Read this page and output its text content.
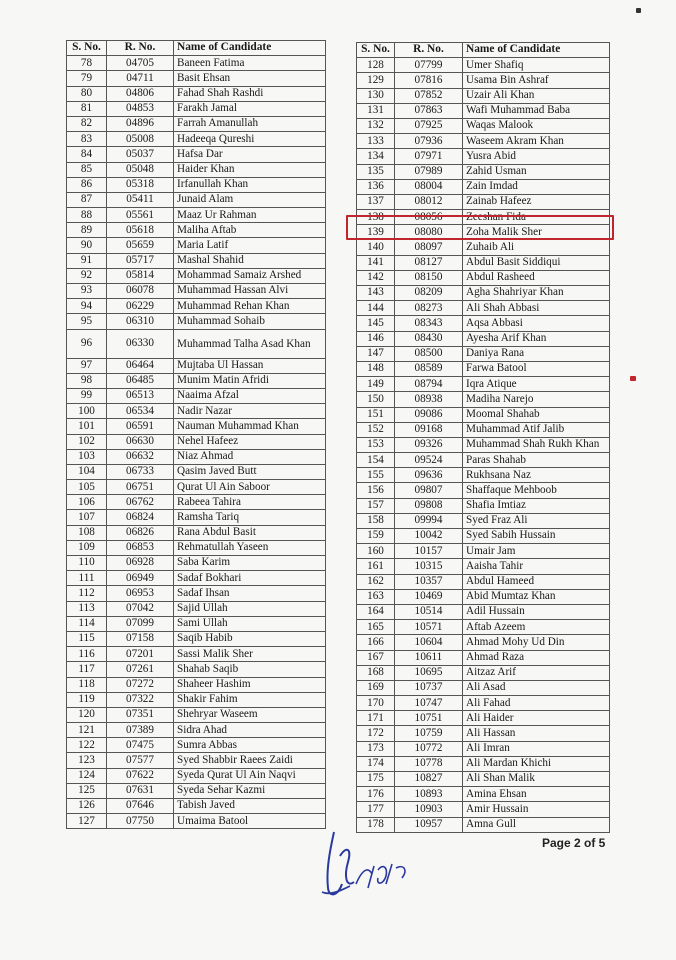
S. No.	R. No.	Name of Candidate
78	04705	Baneen Fatima
79	04711	Basit Ehsan
80	04806	Fahad Shah Rashdi
81	04853	Farakh Jamal
82	04896	Farrah Amanullah
83	05008	Hadeeqa Qureshi
84	05037	Hafsa Dar
85	05048	Haider Khan
86	05318	Irfanullah Khan
87	05411	Junaid Alam
88	05561	Maaz Ur Rahman
89	05618	Maliha Aftab
90	05659	Maria Latif
91	05717	Mashal Shahid
92	05814	Mohammad Samaiz Arshed
93	06078	Muhammad Hassan Alvi
94	06229	Muhammad Rehan Khan
95	06310	Muhammad Sohaib
96	06330	Muhammad Talha Asad Khan
97	06464	Mujtaba Ul Hassan
98	06485	Munim Matin Afridi
99	06513	Naaima Afzal
100	06534	Nadir Nazar
101	06591	Nauman Muhammad Khan
102	06630	Nehel Hafeez
103	06632	Niaz Ahmad
104	06733	Qasim Javed Butt
105	06751	Qurat Ul Ain Saboor
106	06762	Rabeea Tahira
107	06824	Ramsha Tariq
108	06826	Rana Abdul Basit
109	06853	Rehmatullah Yaseen
110	06928	Saba Karim
111	06949	Sadaf Bokhari
112	06953	Sadaf Ihsan
113	07042	Sajid Ullah
114	07099	Sami Ullah
115	07158	Saqib Habib
116	07201	Sassi Malik Sher
117	07261	Shahab Saqib
118	07272	Shaheer Hashim
119	07322	Shakir Fahim
120	07351	Shehryar Waseem
121	07389	Sidra Ahad
122	07475	Sumra Abbas
123	07577	Syed Shabbir Raees Zaidi
124	07622	Syeda Qurat Ul Ain Naqvi
125	07631	Syeda Sehar Kazmi
126	07646	Tabish Javed
127	07750	Umaima Batool
S. No.	R. No.	Name of Candidate
128	07799	Umer Shafiq
129	07816	Usama Bin Ashraf
130	07852	Uzair Ali Khan
131	07863	Wafi Muhammad Baba
132	07925	Waqas Malook
133	07936	Waseem Akram Khan
134	07971	Yusra Abid
135	07989	Zahid Usman
136	08004	Zain Imdad
137	08012	Zainab Hafeez
138	08056	Zeeshan Fida
139	08080	Zoha Malik Sher
140	08097	Zuhaib Ali
141	08127	Abdul Basit Siddiqui
142	08150	Abdul Rasheed
143	08209	Agha Shahriyar Khan
144	08273	Ali Shah Abbasi
145	08343	Aqsa Abbasi
146	08430	Ayesha Arif Khan
147	08500	Daniya Rana
148	08589	Farwa Batool
149	08794	Iqra Atique
150	08938	Madiha Narejo
151	09086	Moomal Shahab
152	09168	Muhammad Atif Jalib
153	09326	Muhammad Shah Rukh Khan
154	09524	Paras Shahab
155	09636	Rukhsana Naz
156	09807	Shaffaque Mehboob
157	09808	Shafia Imtiaz
158	09994	Syed Fraz Ali
159	10042	Syed Sabih Hussain
160	10157	Umair Jam
161	10315	Aaisha Tahir
162	10357	Abdul Hameed
163	10469	Abid Mumtaz Khan
164	10514	Adil Hussain
165	10571	Aftab Azeem
166	10604	Ahmad Mohy Ud Din
167	10611	Ahmad Raza
168	10695	Aitzaz Arif
169	10737	Ali Asad
170	10747	Ali Fahad
171	10751	Ali Haider
172	10759	Ali Hassan
173	10772	Ali Imran
174	10778	Ali Mardan Khichi
175	10827	Ali Shan Malik
176	10893	Amina Ehsan
177	10903	Amir Hussain
178	10957	Amna Gull
Page 2 of 5
